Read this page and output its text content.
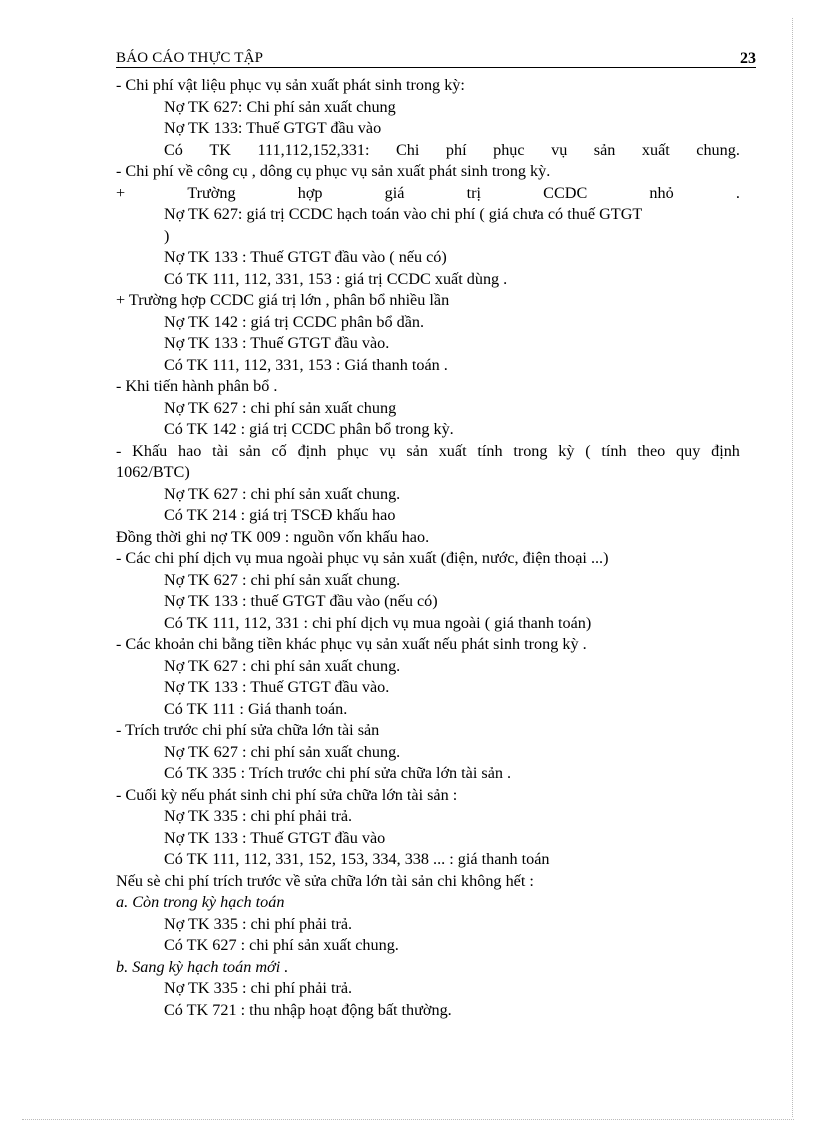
BÁO CÁO THỰC TẬP	23
- Chi phí vật liệu phục vụ sản xuất phát sinh trong kỳ:
Nợ TK 627: Chi phí sản xuất chung
Nợ TK 133: Thuế GTGT đầu vào
Có TK 111,112,152,331: Chi phí phục vụ sản xuất chung.
- Chi phí về công cụ , dông cụ phục vụ sản xuất phát sinh trong kỳ.
+	Trường	hợp	giá	trị	CCDC	nhỏ	.
Nợ TK 627: giá trị CCDC hạch toán vào chi phí ( giá chưa có thuế GTGT
)
Nợ TK 133 : Thuế GTGT đầu vào ( nếu có)
Có TK 111, 112, 331, 153 : giá trị CCDC xuất dùng .
+ Trường hợp CCDC giá trị lớn , phân bổ nhiều lần
Nợ TK 142 : giá trị CCDC phân bổ dần.
Nợ TK 133 : Thuế GTGT đầu vào.
Có TK 111, 112, 331, 153 : Giá thanh toán .
- Khi tiến hành phân bổ .
Nợ TK 627 : chi phí sản xuất chung
Có TK 142 : giá trị CCDC phân bổ trong kỳ.
- Khấu hao tài sản cố định phục vụ sản xuất tính trong kỳ ( tính theo quy định
1062/BTC)
Nợ TK 627 : chi phí sản xuất chung.
Có TK 214 : giá trị TSCĐ khấu hao
Đồng thời ghi nợ TK 009 : nguồn vốn khấu hao.
- Các chi phí dịch vụ mua ngoài phục vụ sản xuất (điện, nước, điện thoại ...)
Nợ TK 627 : chi phí sản xuất chung.
Nợ TK 133 : thuế GTGT đầu vào (nếu có)
Có TK 111, 112, 331 : chi phí dịch vụ mua ngoài ( giá thanh toán)
- Các khoản chi bằng tiền khác phục vụ sản xuất nếu phát sinh trong kỳ .
Nợ TK 627 : chi phí sản xuất chung.
Nợ TK 133 : Thuế GTGT đầu vào.
Có TK 111 : Giá thanh toán.
- Trích trước chi phí sửa chữa lớn tài sản
Nợ TK 627 : chi phí sản xuất chung.
Có TK 335 : Trích trước chi phí sửa chữa lớn tài sản .
- Cuối kỳ nếu phát sinh chi phí sửa chữa lớn tài sản :
Nợ TK 335 : chi phí phải trả.
Nợ TK 133 : Thuế GTGT đầu vào
Có TK 111, 112, 331, 152, 153, 334, 338 ... : giá thanh toán
Nếu sè chi phí trích trước về sửa chữa lớn tài sản chi không hết :
a. Còn trong kỳ hạch toán
Nợ TK 335 : chi phí phải trả.
Có TK 627 : chi phí sản xuất chung.
b. Sang kỳ hạch toán mới .
Nợ TK 335 : chi phí phải trả.
Có TK 721 : thu nhập hoạt động bất thường.
